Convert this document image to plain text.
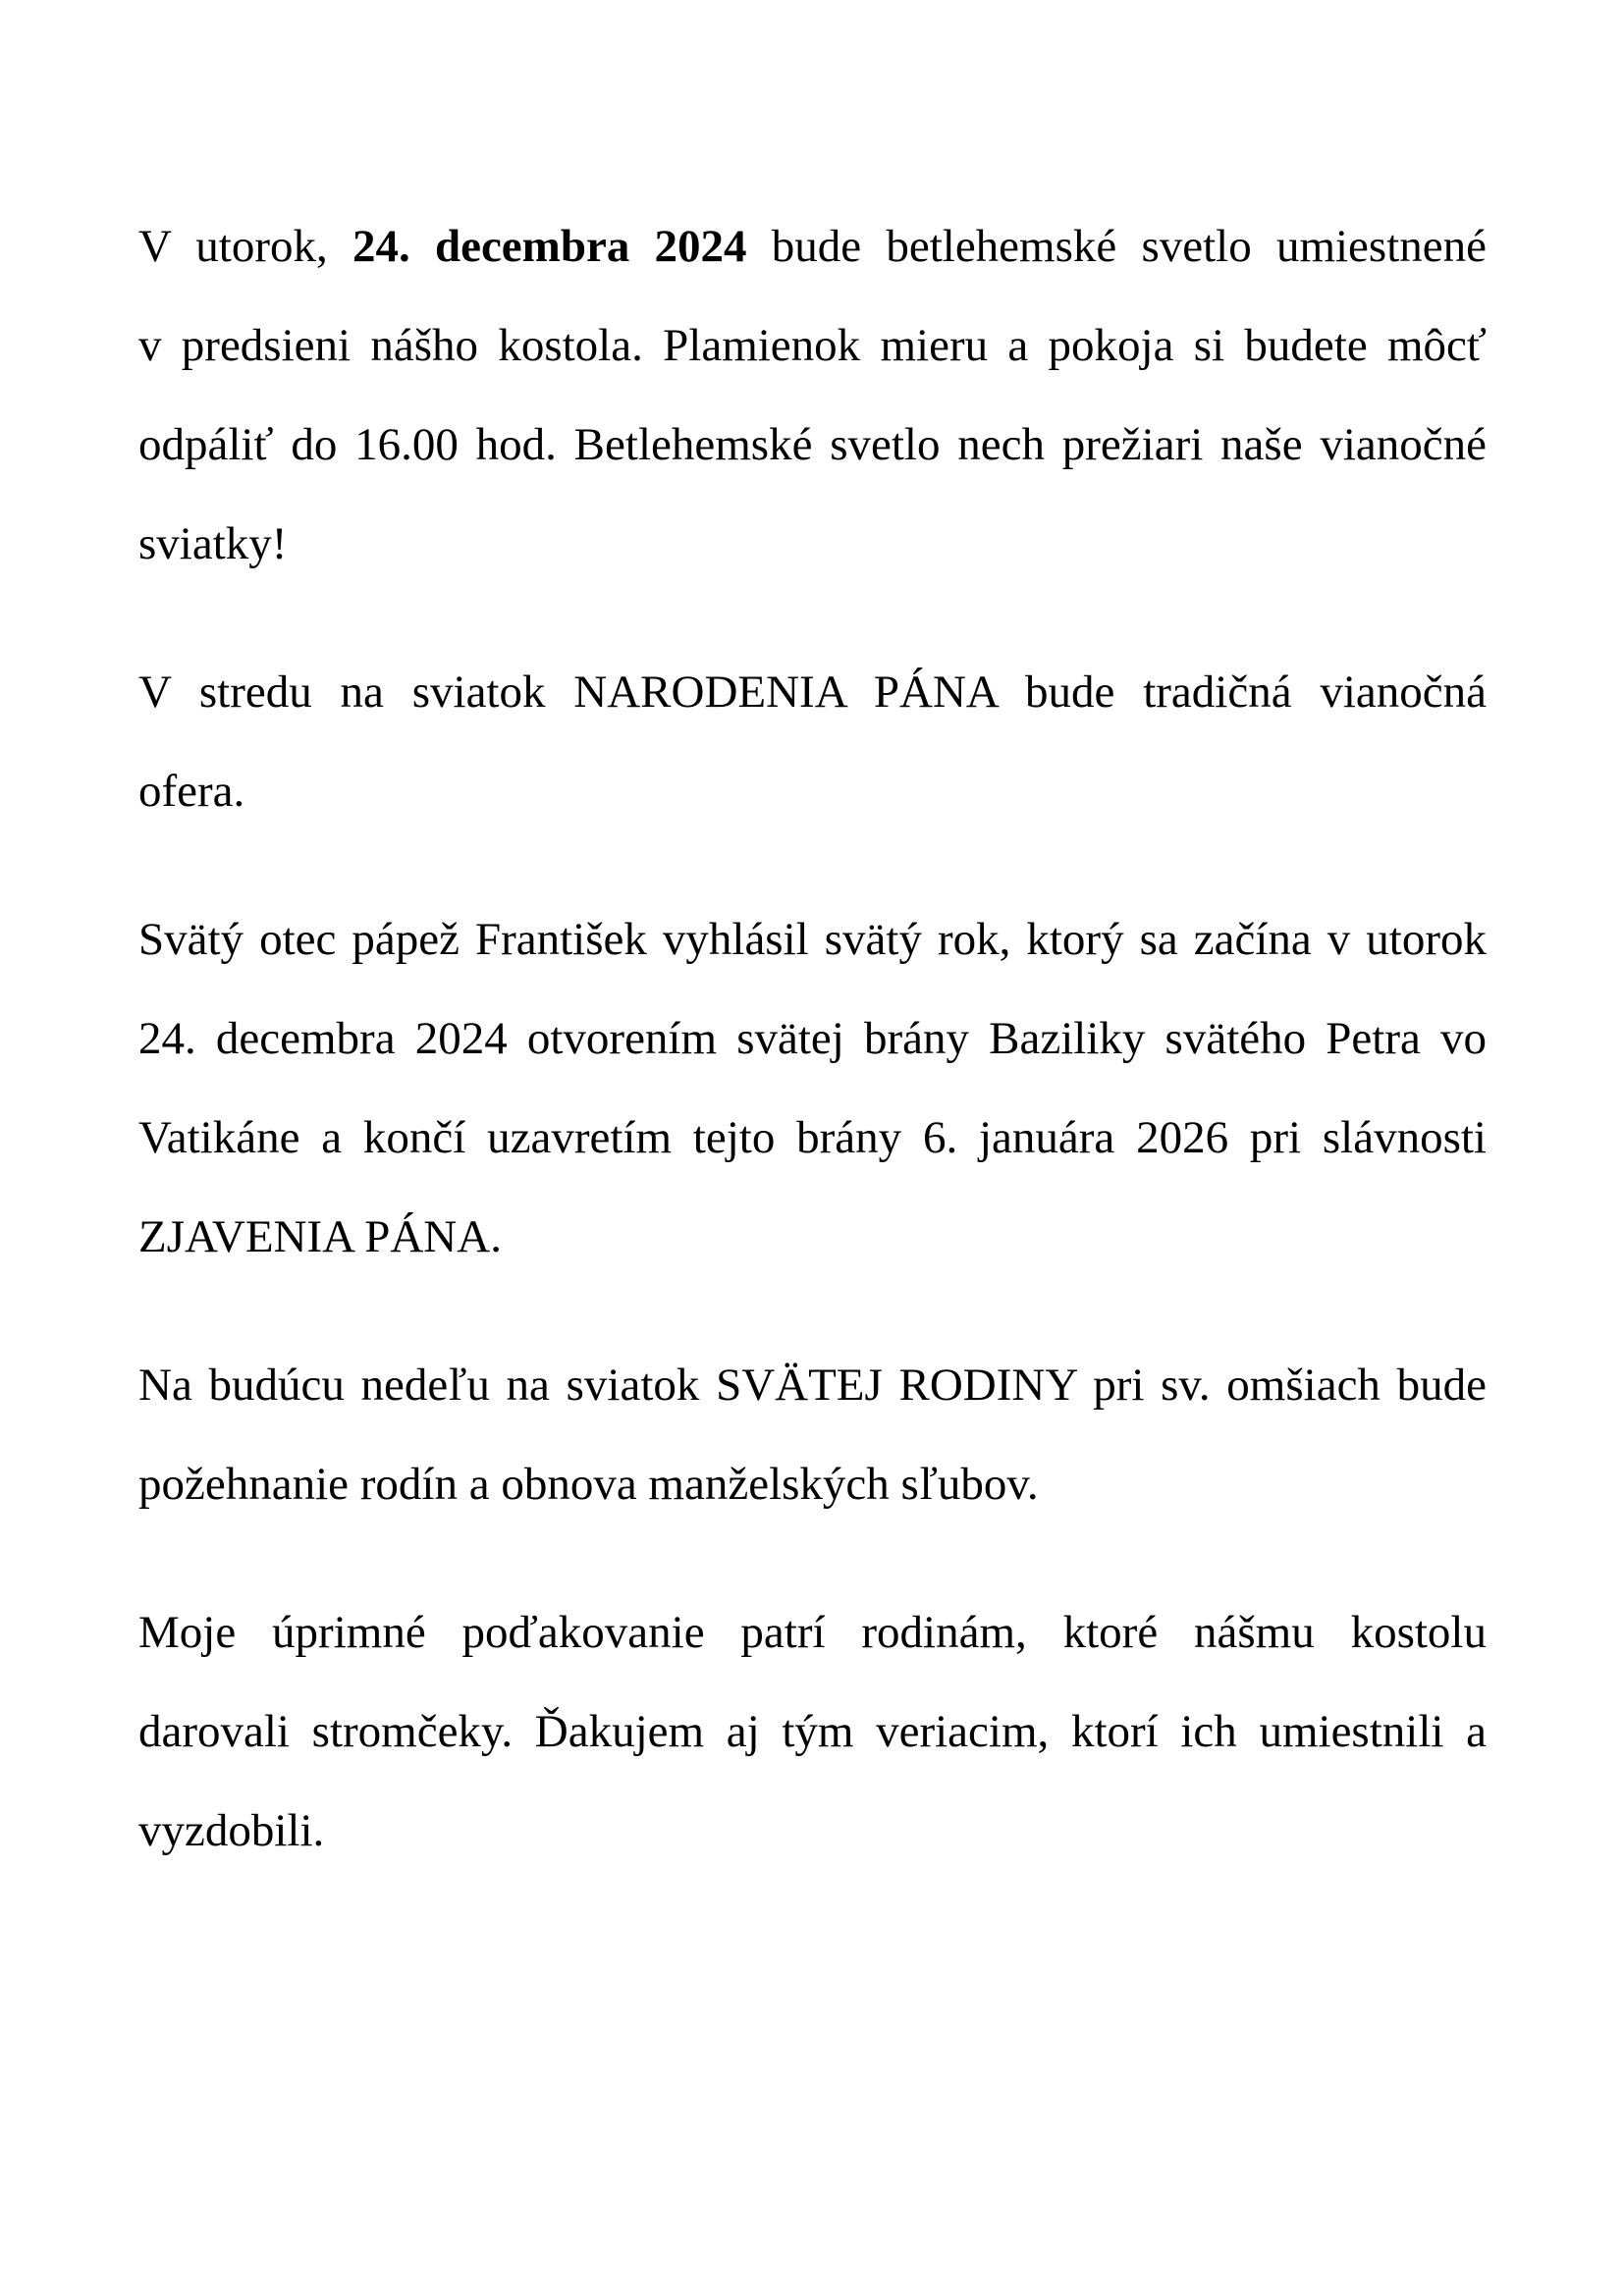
V utorok, 24. decembra 2024 bude betlehemské svetlo umiestnené
v predsieni nášho kostola. Plamienok mieru a pokoja si budete môcť
odpáliť do 16.00 hod. Betlehemské svetlo nech prežiari naše vianočné
sviatky!
V stredu na sviatok NARODENIA PÁNA bude tradičná vianočná
ofera.
Svätý otec pápež František vyhlásil svätý rok, ktorý sa začína v utorok
24. decembra 2024 otvorením svätej brány Baziliky svätého Petra vo
Vatikáne a končí uzavretím tejto brány 6. januára 2026 pri slávnosti
ZJAVENIA PÁNA.
Na budúcu nedeľu na sviatok SVÄTEJ RODINY pri sv. omšiach bude
požehnanie rodín a obnova manželských sľubov.
Moje úprimné poďakovanie patrí rodinám, ktoré nášmu kostolu
darovali stromčeky. Ďakujem aj tým veriacim, ktorí ich umiestnili a
vyzdobili.
